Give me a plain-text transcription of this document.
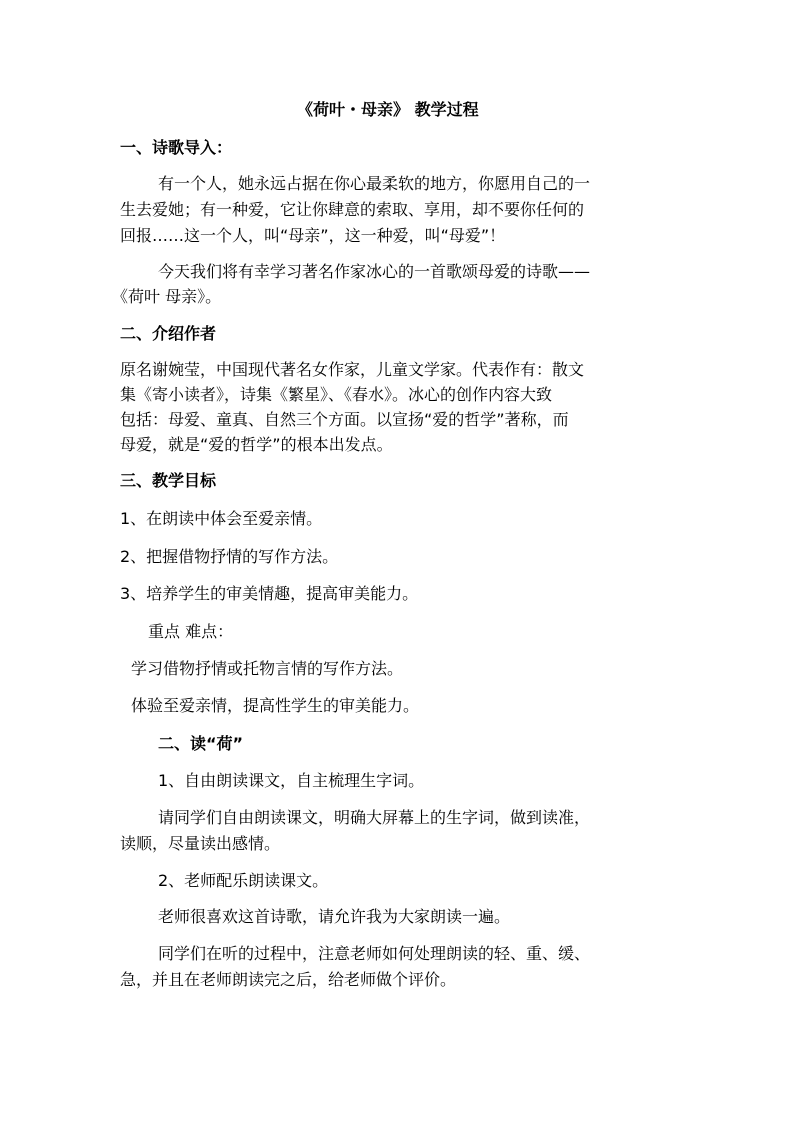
《荷叶・母亲》 教学过程
一、诗歌导入：
有一个人，她永远占据在你心最柔软的地方，你愿用自己的一
生去爱她；有一种爱，它让你肆意的索取、享用，却不要你任何的
回报……这一个人，叫“母亲”，这一种爱，叫“母爱”！
今天我们将有幸学习著名作家冰心的一首歌颂母爱的诗歌——
《荷叶 母亲》。
二、介绍作者
原名谢婉莹，中国现代著名女作家，儿童文学家。代表作有：散文
集《寄小读者》，诗集《繁星》、《春水》。冰心的创作内容大致
包括：母爱、童真、自然三个方面。以宣扬“爱的哲学”著称，而
母爱，就是“爱的哲学”的根本出发点。
三、教学目标
1、在朗读中体会至爱亲情。
2、把握借物抒情的写作方法。
3、培养学生的审美情趣，提高审美能力。
重点 难点：
学习借物抒情或托物言情的写作方法。
体验至爱亲情，提高性学生的审美能力。
二、读“荷”
1、自由朗读课文，自主梳理生字词。
请同学们自由朗读课文，明确大屏幕上的生字词，做到读准，
读顺，尽量读出感情。
2、老师配乐朗读课文。
老师很喜欢这首诗歌，请允许我为大家朗读一遍。
同学们在听的过程中，注意老师如何处理朗读的轻、重、缓、
急，并且在老师朗读完之后，给老师做个评价。
